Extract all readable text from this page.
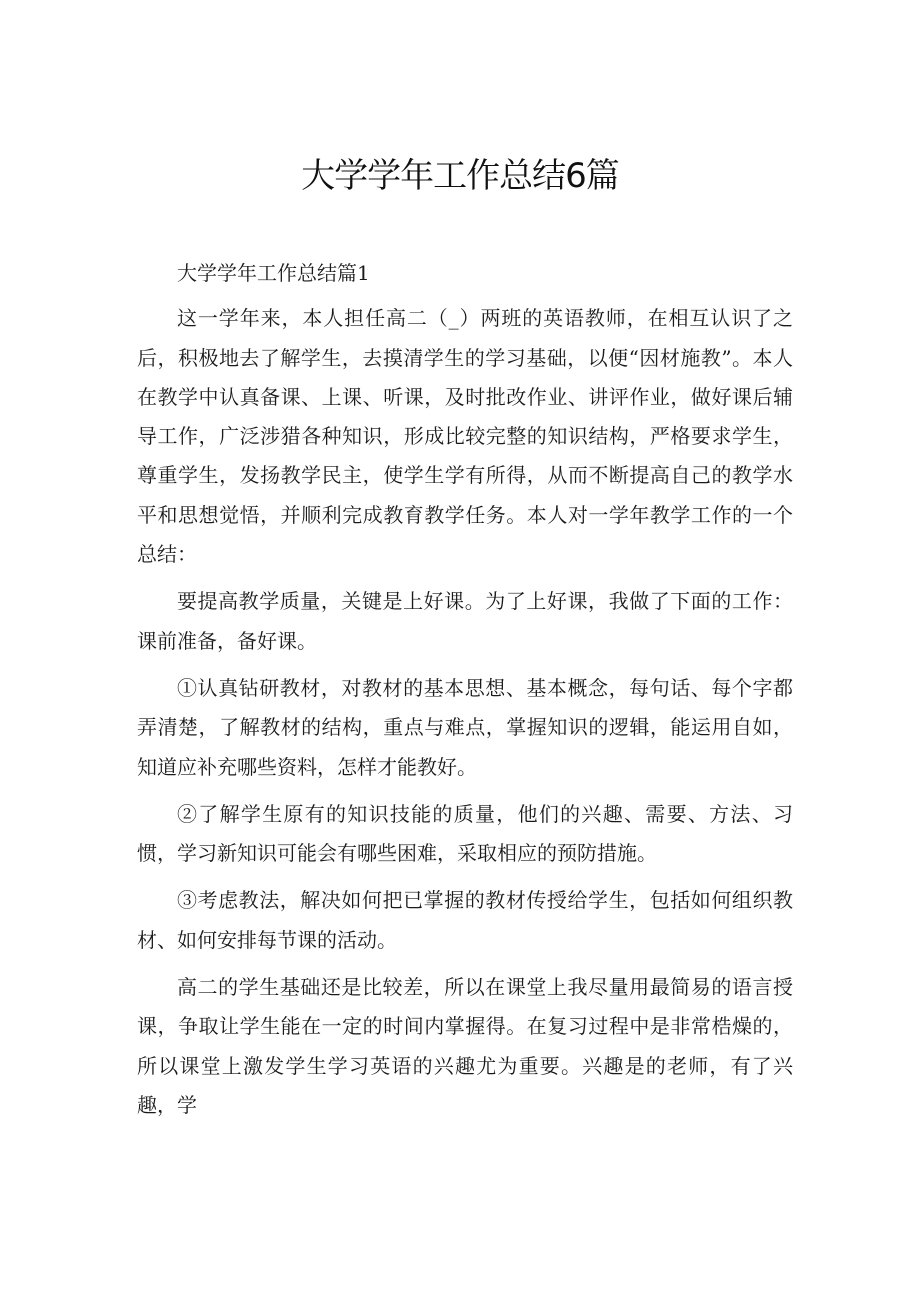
大学学年工作总结6篇

大学学年工作总结篇1

这一学年来，本人担任高二（_）两班的英语教师，在相互认识了之后，积极地去了解学生，去摸清学生的学习基础，以便“因材施教”。本人在教学中认真备课、上课、听课，及时批改作业、讲评作业，做好课后辅导工作，广泛涉猎各种知识，形成比较完整的知识结构，严格要求学生，尊重学生，发扬教学民主，使学生学有所得，从而不断提高自己的教学水平和思想觉悟，并顺利完成教育教学任务。本人对一学年教学工作的一个总结：

要提高教学质量，关键是上好课。为了上好课，我做了下面的工作：课前准备，备好课。

①认真钻研教材，对教材的基本思想、基本概念，每句话、每个字都弄清楚，了解教材的结构，重点与难点，掌握知识的逻辑，能运用自如，知道应补充哪些资料，怎样才能教好。

②了解学生原有的知识技能的质量，他们的兴趣、需要、方法、习惯，学习新知识可能会有哪些困难，采取相应的预防措施。

③考虑教法，解决如何把已掌握的教材传授给学生，包括如何组织教材、如何安排每节课的活动。

高二的学生基础还是比较差，所以在课堂上我尽量用最简易的语言授课，争取让学生能在一定的时间内掌握得。在复习过程中是非常梏燥的，所以课堂上激发学生学习英语的兴趣尤为重要。兴趣是的老师，有了兴趣，学
